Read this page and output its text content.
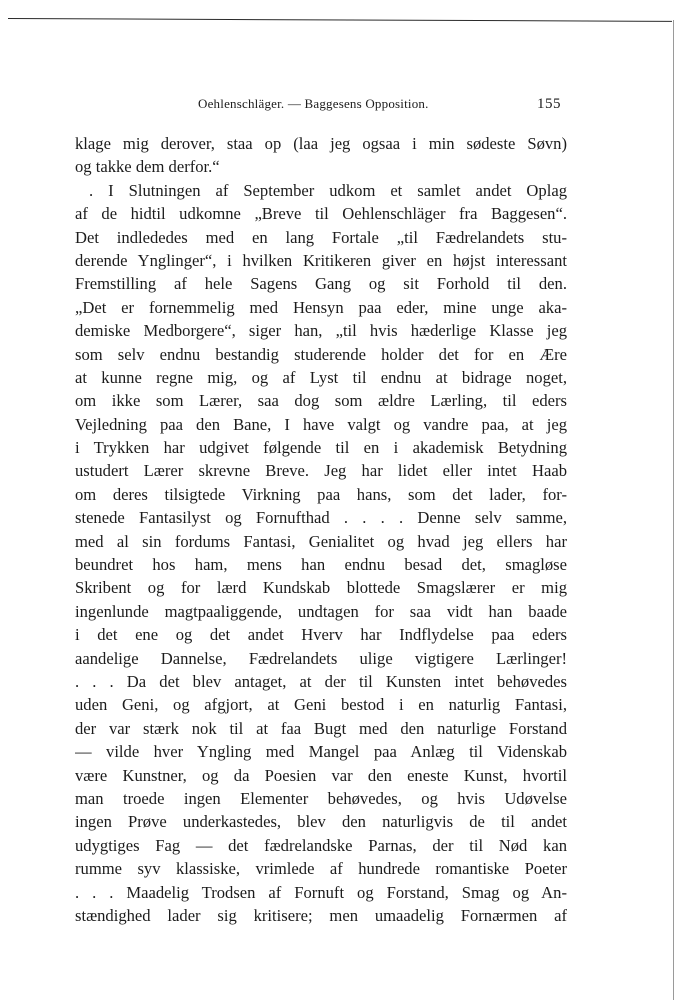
Oehlenschläger. — Baggesens Opposition.	155
klage mig derover, staa op (laa jeg ogsaa i min sødeste Søvn)
og takke dem derfor.“
. I Slutningen af September udkom et samlet andet Oplag
af de hidtil udkomne „Breve til Oehlenschläger fra Baggesen“.
Det indlededes med en lang Fortale „til Fædrelandets stu-
derende Ynglinger“, i hvilken Kritikeren giver en højst interessant
Fremstilling af hele Sagens Gang og sit Forhold til den.
„Det er fornemmelig med Hensyn paa eder, mine unge aka-
demiske Medborgere“, siger han, „til hvis hæderlige Klasse jeg
som selv endnu bestandig studerende holder det for en Ære
at kunne regne mig, og af Lyst til endnu at bidrage noget,
om ikke som Lærer, saa dog som ældre Lærling, til eders
Vejledning paa den Bane, I have valgt og vandre paa, at jeg
i Trykken har udgivet følgende til en i akademisk Betydning
ustudert Lærer skrevne Breve. Jeg har lidet eller intet Haab
om deres tilsigtede Virkning paa hans, som det lader, for-
stenede Fantasilyst og Fornufthad . . . . Denne selv samme,
med al sin fordums Fantasi, Genialitet og hvad jeg ellers har
beundret hos ham, mens han endnu besad det, smagløse
Skribent og for lærd Kundskab blottede Smagslærer er mig
ingenlunde magtpaaliggende, undtagen for saa vidt han baade
i det ene og det andet Hverv har Indflydelse paa eders
aandelige Dannelse, Fædrelandets ulige vigtigere Lærlinger!
. . . Da det blev antaget, at der til Kunsten intet behøvedes
uden Geni, og afgjort, at Geni bestod i en naturlig Fantasi,
der var stærk nok til at faa Bugt med den naturlige Forstand
— vilde hver Yngling med Mangel paa Anlæg til Videnskab
være Kunstner, og da Poesien var den eneste Kunst, hvortil
man troede ingen Elementer behøvedes, og hvis Udøvelse
ingen Prøve underkastedes, blev den naturligvis de til andet
udygtiges Fag — det fædrelandske Parnas, der til Nød kan
rumme syv klassiske, vrimlede af hundrede romantiske Poeter
. . . Maadelig Trodsen af Fornuft og Forstand, Smag og An-
stændighed lader sig kritisere; men umaadelig Fornærmen af
